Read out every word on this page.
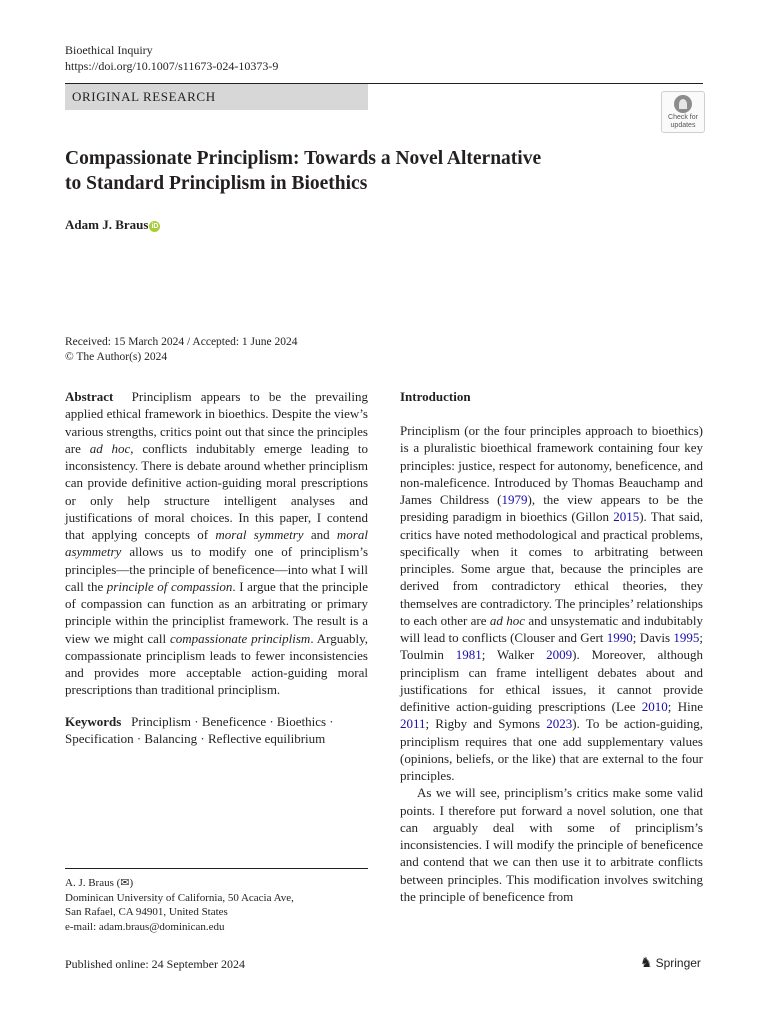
Bioethical Inquiry
https://doi.org/10.1007/s11673-024-10373-9
ORIGINAL RESEARCH
Check for
updates
Compassionate Principlism: Towards a Novel Alternative
to Standard Principlism in Bioethics
Adam J. Braus iD
Received: 15 March 2024 / Accepted: 1 June 2024
© The Author(s) 2024
Abstract Principlism appears to be the prevailing applied ethical framework in bioethics. Despite the view’s various strengths, critics point out that since the principles are ad hoc, conflicts indubitably emerge leading to inconsistency. There is debate around whether principlism can provide definitive action-guiding moral prescriptions or only help structure intelligent analyses and justifications of moral choices. In this paper, I contend that applying concepts of moral symmetry and moral asymmetry allows us to modify one of principlism’s principles—the principle of beneficence—into what I will call the principle of compassion. I argue that the principle of compassion can function as an arbitrating or primary principle within the principlist framework. The result is a view we might call compassionate principlism. Arguably, compassionate principlism leads to fewer inconsistencies and provides more acceptable action-guiding moral prescriptions than traditional principlism.
Keywords Principlism · Beneficence · Bioethics · Specification · Balancing · Reflective equilibrium
A. J. Braus (✉)
Dominican University of California, 50 Acacia Ave,
San Rafael, CA 94901, United States
e-mail: adam.braus@dominican.edu
Introduction
Principlism (or the four principles approach to bioethics) is a pluralistic bioethical framework containing four key principles: justice, respect for autonomy, beneficence, and non-maleficence. Introduced by Thomas Beauchamp and James Childress (1979), the view appears to be the presiding paradigm in bioethics (Gillon 2015). That said, critics have noted methodological and practical problems, specifically when it comes to arbitrating between principles. Some argue that, because the principles are derived from contradictory ethical theories, they themselves are contradictory. The principles’ relationships to each other are ad hoc and unsystematic and indubitably will lead to conflicts (Clouser and Gert 1990; Davis 1995; Toulmin 1981; Walker 2009). Moreover, although principlism can frame intelligent debates about and justifications for ethical issues, it cannot provide definitive action-guiding prescriptions (Lee 2010; Hine 2011; Rigby and Symons 2023). To be action-guiding, principlism requires that one add supplementary values (opinions, beliefs, or the like) that are external to the four principles.
As we will see, principlism’s critics make some valid points. I therefore put forward a novel solution, one that can arguably deal with some of principlism’s inconsistencies. I will modify the principle of beneficence and contend that we can then use it to arbitrate conflicts between principles. This modification involves switching the principle of beneficence from
Published online: 24 September 2024	♞ Springer
